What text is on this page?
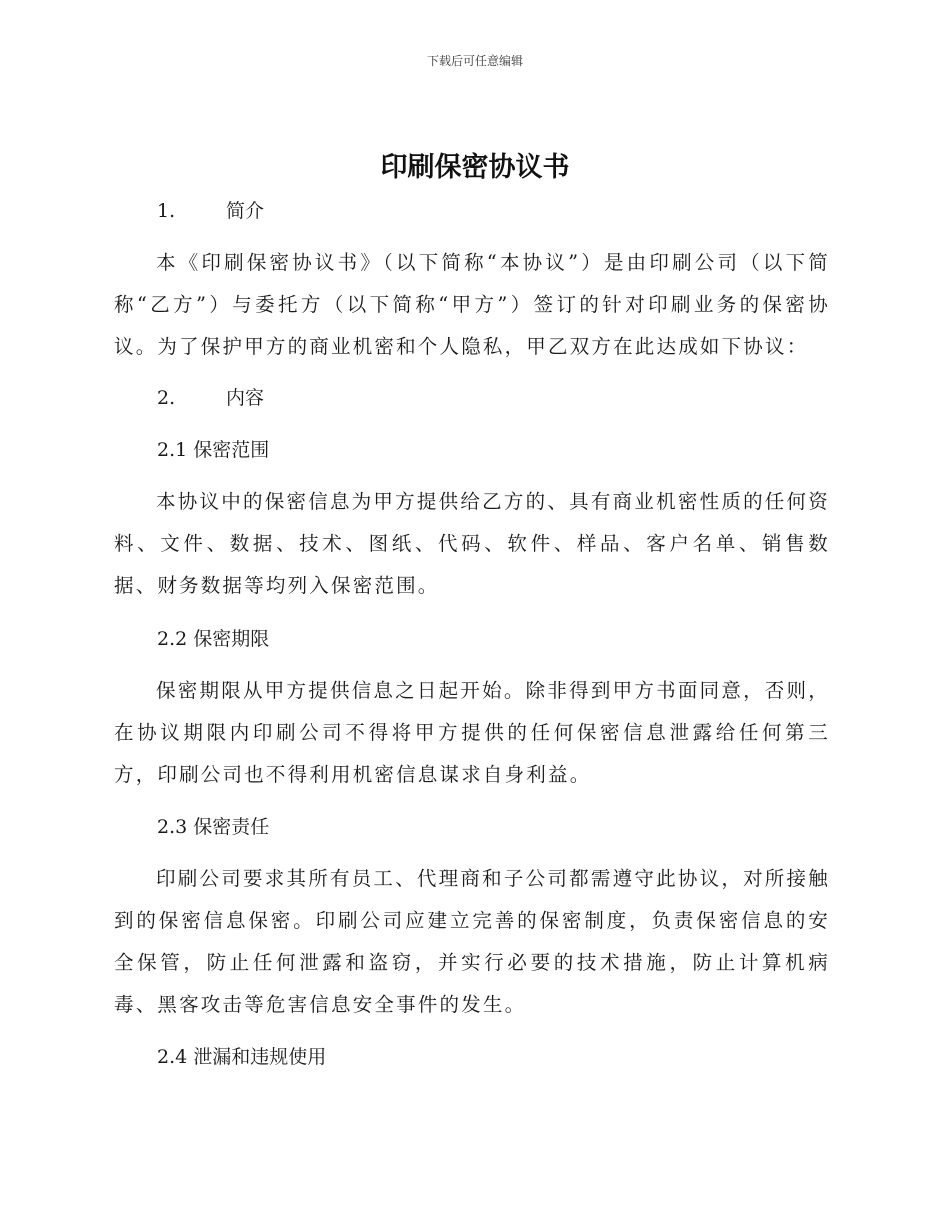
下载后可任意编辑
印刷保密协议书
1.	简介

本《印刷保密协议书》（以下简称“本协议”）是由印刷公司（以下简称“乙方”）与委托方（以下简称“甲方”）签订的针对印刷业务的保密协议。为了保护甲方的商业机密和个人隐私，甲乙双方在此达成如下协议：

2.	内容
2.1 保密范围

本协议中的保密信息为甲方提供给乙方的、具有商业机密性质的任何资料、文件、数据、技术、图纸、代码、软件、样品、客户名单、销售数据、财务数据等均列入保密范围。

2.2 保密期限

保密期限从甲方提供信息之日起开始。除非得到甲方书面同意，否则，在协议期限内印刷公司不得将甲方提供的任何保密信息泄露给任何第三方，印刷公司也不得利用机密信息谋求自身利益。

2.3 保密责任

印刷公司要求其所有员工、代理商和子公司都需遵守此协议，对所接触到的保密信息保密。印刷公司应建立完善的保密制度，负责保密信息的安全保管，防止任何泄露和盗窃，并实行必要的技术措施，防止计算机病毒、黑客攻击等危害信息安全事件的发生。

2.4 泄漏和违规使用
